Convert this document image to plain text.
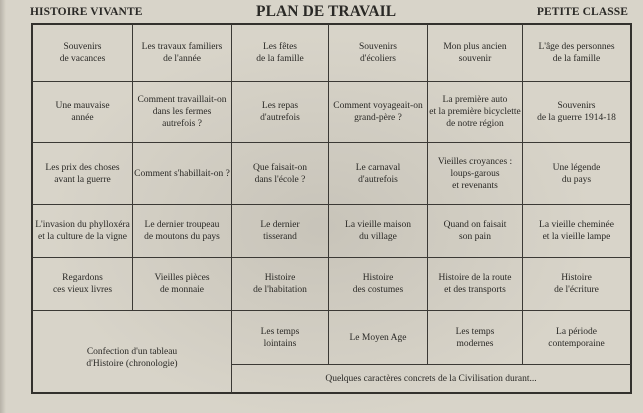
HISTOIRE VIVANTE	PLAN DE TRAVAIL	PETITE CLASSE
Souvenirs
de vacances
Les travaux familiers
de l'année
Les fêtes
de la famille
Souvenirs
d'écoliers
Mon plus ancien
souvenir
L'âge des personnes
de la famille
Une mauvaise
année
Comment travaillait-on
dans les fermes
autrefois ?
Les repas
d'autrefois
Comment voyageait-on
grand-père ?
La première auto
et la première bicyclette
de notre région
Souvenirs
de la guerre 1914-18
Les prix des choses
avant la guerre
Comment s'habillait-on ?
Que faisait-on
dans l'école ?
Le carnaval
d'autrefois
Vieilles croyances :
loups-garous
et revenants
Une légende
du pays
L'invasion du phylloxéra
et la culture de la vigne
Le dernier troupeau
de moutons du pays
Le dernier
tisserand
La vieille maison
du village
Quand on faisait
son pain
La vieille cheminée
et la vieille lampe
Regardons
ces vieux livres
Vieilles pièces
de monnaie
Histoire
de l'habitation
Histoire
des costumes
Histoire de la route
et des transports
Histoire
de l'écriture
Confection d'un tableau
d'Histoire (chronologie)
Les temps
lointains
Le Moyen Age
Les temps
modernes
La période
contemporaine
Quelques caractères concrets de la Civilisation durant...
